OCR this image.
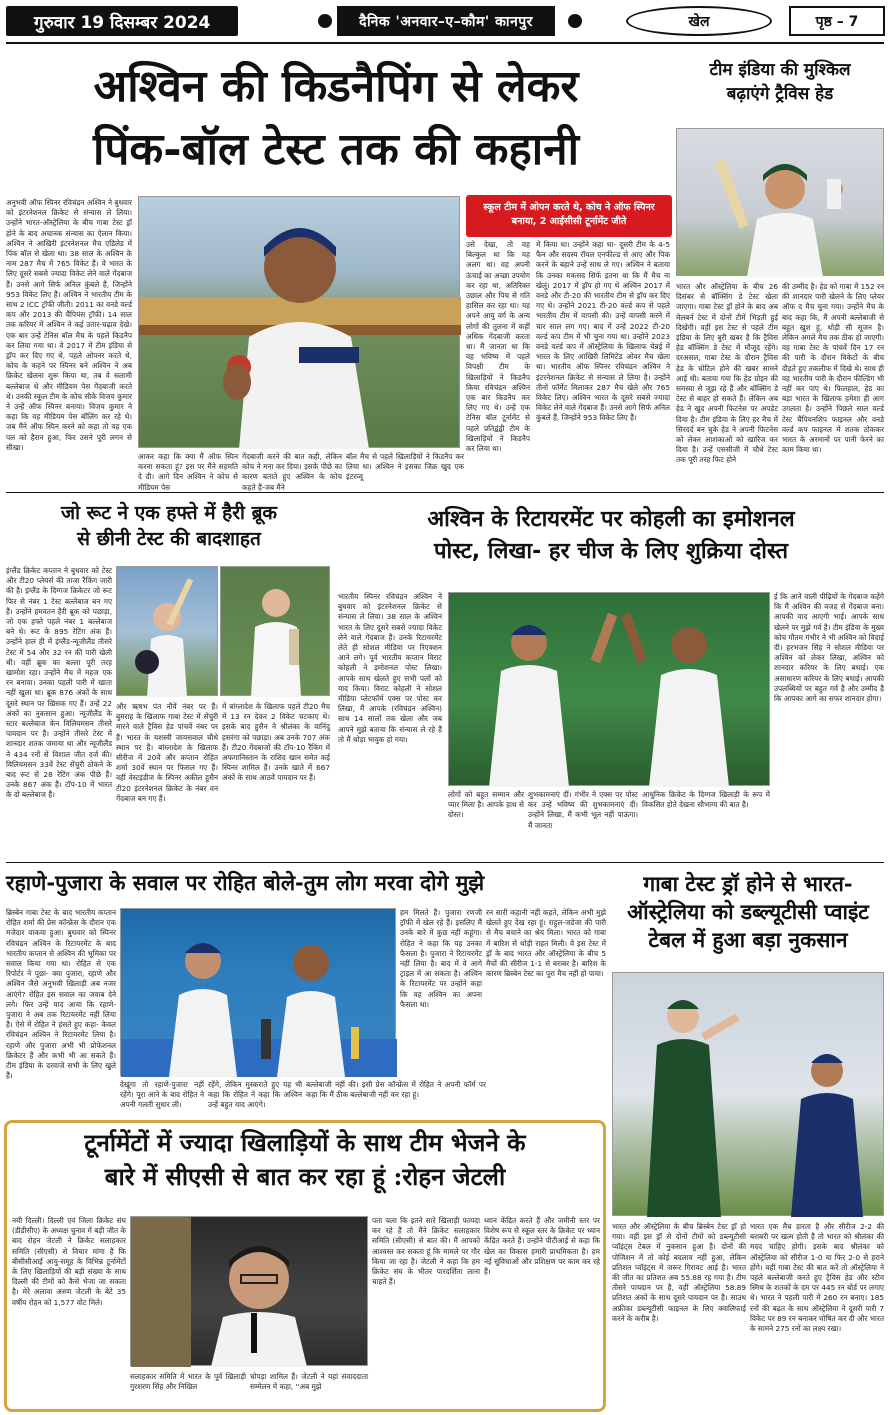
गुरुवार 19 दिसम्बर 2024	दैनिक 'अनवार–ए–कौम' कानपुर	खेल	पृष्ठ – 7
अश्विन की किडनैपिंग से लेकर
पिंक-बॉल टेस्ट तक की कहानी
अनुभवी ऑफ स्पिनर रविचंद्रन अश्विन ने बुधवार को इंटरनेशनल क्रिकेट से संन्यास ले लिया। उन्होंने भारत-ऑस्ट्रेलिया के बीच गाबा टेस्ट ड्रॉ होने के बाद अचानक संन्यास का ऐलान किया। अश्विन ने आखिरी इंटरनेशनल मैच एडिलेड में पिंक बॉल से खेला था। 38 साल के अश्विन के नाम 287 मैच में 765 विकेट हैं। वे भारत के लिए दूसरे सबसे ज्यादा विकेट लेने वाले गेंदबाज हैं। उनसे आगे सिर्फ अनिल कुंबले हैं, जिन्होंने 953 विकेट लिए हैं। अश्विन ने भारतीय टीम के साथ 2 ICC ट्रॉफी जीती। 2011 का वनडे वर्ल्ड कप और 2013 की चैंपियंस ट्रॉफी। 14 साल तक करियर में अश्विन ने कई उतार-चढ़ाव देखे। एक बार उन्हें टेनिस बॉल मैच के पहले किडनैप कर लिया गया था। वे 2017 में टीम इंडिया से ड्रॉप कर दिए गए थे, पहले ओपनर करते थे, कोच के कहने पर स्पिनर बने अश्विन ने अब क्रिकेट खेलना शुरू किया था, तब वे सलामी बल्लेबाज थे और मीडियम पेस गेंदबाजी करते थे। उनकी स्कूल टीम के कोच सीके विजय कुमार ने उन्हें ऑफ स्पिनर बनाया। विजय कुमार ने कहा कि वह मीडियम पेस बॉलिंग कर रहे थे। जब मैंने ऑफ स्पिन करने को कहा तो वह एक पल को हैरान हुआ, फिर उसने पूरी लगन से सीखा।
स्कूल टीम में ओपन करते थे, कोच ने ऑफ स्पिनर बनाया, 2 आईसीसी टूर्नामेंट जीते
उसे देखा, तो वह बिल्कुल था कि यह अलग था। वह अपनी ऊंचाई का अच्छा उपयोग कर रहा था, अतिरिक्त उछाल और पिच से गति हासिल कर रहा था। यह अपने आयु वर्ग के अन्य लोगों की तुलना में कहीं अधिक गेंदबाजी करता था। मैं जानता था कि वह भविष्य में पहले विपक्षी टीम के खिलाड़ियों ने किडनैप किया रविचंद्रन अश्विन एक बार किडनैप कर लिए गए थे। उन्हें एक टेनिस बॉल टूर्नामेंट से पहले प्रतिद्वंद्वी टीम के खिलाड़ियों ने किडनैप कर लिया था।
में किया था। उन्होंने कहा था- दूसरी टीम के 4-5 फैन और सदस्य रॉयल एनफील्ड से आए और पिक करने के बहाने उन्हें साथ ले गए। अश्विन ने बताया कि उनका मकसद सिर्फ इतना था कि मैं मैच ना खेलूं। 2017 में ड्रॉप हो गए थे अश्विन 2017 में वनडे और टी-20 की भारतीय टीम से ड्रॉप कर दिए गए थे। उन्होंने 2021 टी-20 वर्ल्ड कप से पहले भारतीय टीम में वापसी की। उन्हें वापसी करने में चार साल लग गए। बाद में उन्हें 2022 टी-20 वर्ल्ड कप टीम में भी चुना गया था। उन्होंने 2023 वनडे वर्ल्ड कप में ऑस्ट्रेलिया के खिलाफ चेन्नई में भारत के लिए आखिरी लिमिटेड ओवर मैच खेला था। भारतीय ऑफ स्पिनर रविचंद्रन अश्विन ने इंटरनेशनल क्रिकेट से संन्यास ले लिया है। उन्होंने तीनों फॉर्मेट मिलाकर 287 मैच खेले और 765 विकेट लिए। अश्विन भारत के दूसरे सबसे ज्यादा विकेट लेने वाले गेंदबाज हैं। उनसे आगे सिर्फ अनिल कुंबले हैं, जिन्होंने 953 विकेट लिए हैं।
आकर कहा कि क्या मैं ऑफ स्पिन करना सकता हूं? इस पर मैंने सहमति दे दी। आगे दिन अश्विन ने कोच से मीडियम पेस
गेंदबाजी करने की बात कही, लेकिन कोच ने मना कर दिया। इसके पीछे का कारण बताते हुए अश्विन के कोच कहते हैं-जब मैंने
बॉल मैच से पहले खिलाड़ियों ने किडनैप कर लिया था। अश्विन ने इसका जिक्र खुद एक इंटरव्यू
टीम इंडिया की मुश्किल
बढ़ाएंगे ट्रैविस हेड
भारत और ऑस्ट्रेलिया के बीच 26 दिसंबर से बॉक्सिंग डे टेस्ट खेला जाएगा। गाबा टेस्ट ड्रॉ होने के बाद अब मेलबर्न टेस्ट में दोनों टीमें भिड़ती हुई दिखेंगी। वहीं इस टेस्ट से पहले टीम इंडिया के लिए बुरी खबर है कि ट्रैविस हेड बॉक्सिंग डे टेस्ट में मौजूद रहेंगे। दरअसल, गाबा टेस्ट के दौरान ट्रैविस हेड के चोटिल होने की खबर सामने आई थी। बताया गया कि हेड ग्रोइन की समस्या से जूझ रहे हैं और बॉक्सिंग डे टेस्ट से बाहर हो सकते हैं। लेकिन अब हेड ने खुद अपनी फिटनेस पर अपडेट दिया है। टीम इंडिया के लिए हर मैच में सिरदर्द बन चुके हेड ने अपनी फिटनेस को लेकर आशंकाओं को खारिज कर दिया है। उन्हें एससीजी में चौथे टेस्ट तक पूरी तरह फिट होने
की उम्मीद है। हेड को गाबा में 152 रन की शानदार पारी खेलने के लिए प्लेयर ऑफ द मैच चुना गया। उन्होंने मैच के बाद कहा कि, मैं अपनी बल्लेबाजी से बहुत खुश हूं, थोड़ी सी सूजन है। लेकिन अगले मैच तक ठीक हो जाएगी। वह गाबा टेस्ट के पांचवें दिन 17 रन की पारी के दौरान विकेटों के बीच दौड़ते हुए तकलीफ में दिखे थे। साथ ही वह भारतीय पारी के दौरान फील्डिंग भी नहीं कर पाए थे। फिलहाल, हेड का बड़ा भारत के खिलाफ हमेशा ही आग उगलता है। उन्होंने पिछले साल वर्ल्ड टेस्ट चैंपियनशिप फाइनल और वनडे वर्ल्ड कप फाइनल में शतक ठोककर भारत के अरमानों पर पानी फेरने का काम किया था।
जो रूट ने एक हफ्ते में हैरी ब्रूक
से छीनी टेस्ट की बादशाहत
इंग्लैंड क्रिकेट कप्तान ने बुधवार को टेस्ट और टी20 प्लेयर्स की ताजा रैंकिंग जारी की है। इंग्लैंड के दिग्गज क्रिकेटर जो रूट फिर से नंबर 1 टेस्ट बल्लेबाज बन गए हैं। उन्होंने हमवतन हैरी ब्रूक को पछाड़ा, जो एक हफ्ते पहले नंबर 1 बल्लेबाज बने थे। रूट के 895 रेटिंग अंक हैं। उन्होंने हाल ही में इंग्लैंड-न्यूजीलैंड तीसरे टेस्ट में 54 और 32 रन की पारी खेली थी। वहीं ब्रूक का बल्ला पूरी तरह खामोश रहा। उन्होंने मैच में महज एक रन बनाया। उनका पहली पारी में खाता नहीं खुला था। ब्रूक 876 अंकों के साथ दूसरे स्थान पर खिसक गए हैं। उन्हें 22 अंकों का नुकसान हुआ। न्यूजीलैंड के स्टार बल्लेबाज केन विलियमसन तीसरे पायदान पर हैं। उन्होंने तीसरे टेस्ट में शानदार शतक जमाया था और न्यूजीलैंड ने 434 रनों से विशाल जीत दर्ज की। विलियमसन 33वें टेस्ट सेंचुरी ठोकने के बाद रूट से 28 रेटिंग अंक पीछे हैं। उनके 867 अंक हैं। टॉप-10 में भारत के दो बल्लेबाज हैं।
और ऋषभ पंत नौवें नंबर पर हैं। बुमराह के खिलाफ गाबा टेस्ट में सेंचुरी मारने वाले ट्रैविस हेड पांचवें नंबर पर हैं। भारत के यशस्वी जायसवाल चौथे स्थान पर हैं। बांग्लादेश के खिलाफ सीरीज में 20वें और कप्तान रोहित शर्मा 30वें स्थान पर फिसल गए हैं। वहीं वेस्टइंडीज के स्पिनर अकील हुसैन टी20 इंटरनेशनल क्रिकेट के नंबर वन गेंदबाज बन गए हैं।
में बांग्लादेश के खिलाफ पहले टी20 मैच में 13 रन देकर 2 विकेट चटकाए थे। इसके बाद हुसैन ने श्रीलंका के वानिंदु हसरंगा को पछाड़ा। अब उनके 707 अंक हैं। टी20 गेंदबाजों की टॉप-10 रैंकिंग में अफगानिस्तान के राशिद खान समेत कई स्पिनर शामिल हैं। उनके खाते में 667 अंकों के साथ आठवें पायदान पर हैं।
अश्विन के रिटायरमेंट पर कोहली का इमोशनल
पोस्ट, लिखा- हर चीज के लिए शुक्रिया दोस्त
भारतीय स्पिनर रविचंद्रन अश्विन ने बुधवार को इंटरनेशनल क्रिकेट से संन्यास ले लिया। 38 साल के अश्विन भारत के लिए दूसरे सबसे ज्यादा विकेट लेने वाले गेंदबाज हैं। उनके रिटायरमेंट लेते ही सोशल मीडिया पर रिएक्शन आने लगे। पूर्व भारतीय कप्तान विराट कोहली ने इमोशनल पोस्ट लिखा। आपके साथ खेलते हुए सभी पलों को याद किया। विराट कोहली ने सोशल मीडिया प्लेटफॉर्म एक्स पर पोस्ट कर लिखा, मैं आपके (रविचंद्रन अश्विन) साथ 14 सालों तक खेला और जब आपने मुझे बताया कि संन्यास ले रहे हैं तो मैं थोड़ा भावुक हो गया।
लोगों को बहुत सम्मान और प्यार मिला है। आपके हाथ से दोस्त।
शुभकामनाएं दीं। गंभीर ने एक्स पर पोस्ट कर उन्हें भविष्य की शुभकामनाएं दीं। उन्होंने लिखा, मैं कभी भूल नहीं पाऊंगा। मैं जानता
आधुनिक क्रिकेट के दिग्गज खिलाड़ी के रूप में विकसित होते देखना सौभाग्य की बात है।
ई कि आने वाली पीढ़ियों के गेंदबाज कहेंगे कि मैं अश्विन की वजह से गेंदबाज बना। आपकी याद आएगी भाई। आपके साथ खेलने पर मुझे गर्व है। टीम इंडिया के मुख्य कोच गौतम गंभीर ने भी अश्विन को विदाई दी। हरभजन सिंह ने सोशल मीडिया पर अश्विन को लेकर लिखा, अश्विन को शानदार करियर के लिए बधाई। एक असाधारण करियर के लिए बधाई। आपकी उपलब्धियों पर बहुत गर्व है और उम्मीद है कि आपका आगे का सफर शानदार होगा।
रहाणे-पुजारा के सवाल पर रोहित बोले-तुम लोग मरवा दोगे मुझे
ब्रिस्बेन गाबा टेस्ट के बाद भारतीय कप्तान रोहित शर्मा की प्रेस कॉन्फ्रेंस के दौरान एक मजेदार वाकया हुआ। बुधवार को स्पिनर रविचंद्रन अश्विन के रिटायरमेंट के बाद भारतीय कप्तान से अश्विन की भूमिका पर सवाल किया गया था। रोहित से एक रिपोर्टर ने पूछा- क्या पुजारा, रहाणे और अश्विन जैसे अनुभवी खिलाड़ी अब नजर आएंगे? रोहित इस सवाल का जवाब देने लगे। फिर उन्हें याद आया कि रहाणे-पुजारा ने अब तक रिटायरमेंट नहीं लिया है। ऐसे में रोहित ने हंसते हुए कहा- केवल रविचंद्रन अश्विन ने रिटायरमेंट लिया है। रहाणे और पुजारा अभी भी प्रोफेशनल क्रिकेटर हैं और कभी भी आ सकते हैं। टीम इंडिया के दरवाजे सभी के लिए खुले हैं।
देखूंगा तो रहाणे-पुजारा नहीं रहेंगे। पूरा आने के बाद रोहित ने अपनी गलती सुधार ली।
रहेंगे, लेकिन मुस्कराते हुए यह भी कहा कि रोहित ने कहा कि अश्विन उन्हें बहुत याद आएंगे।
बल्लेबाजी नहीं की। इसी प्रेस कॉन्फ्रेंस में रोहित ने अपनी फॉर्म पर कहा कि मैं ठीक बल्लेबाजी नहीं कर रहा हूं।
हम मिलते हैं। पुजारा रणजी ट्रॉफी में खेल रहे हैं। इसलिए मैं उनके बारे में कुछ नहीं कहूंगा। रोहित ने कहा कि यह उनका फैसला है। पुजारा ने रिटायरमेंट नहीं लिया है। बाद में वे आगे ट्राइल में आ सकता है। अश्विन के रिटायरमेंट पर उन्होंने कहा कि वह अश्विन का अपना फैसला था।
रन सारी कहानी नहीं कहते, लेकिन अभी मुझे खेलते हुए देख रहा हूं। राहुल-जडेजा की पारी से मैच बचाने का श्रेय मिला। भारत को गाबा में बारिश से थोड़ी राहत मिली। वे इस टेस्ट में ड्रॉ के बाद भारत और ऑस्ट्रेलिया के बीच 5 मैचों की सीरीज 1-1 से बराबर है। बारिश के कारण ब्रिस्बेन टेस्ट का पूरा मैच नहीं हो पाया।
गाबा टेस्ट ड्रॉ होने से भारत-
ऑस्ट्रेलिया को डब्ल्यूटीसी प्वाइंट
टेबल में हुआ बड़ा नुकसान
भारत और ऑस्ट्रेलिया के बीच ब्रिस्बेन टेस्ट ड्रॉ हो गया। वहीं इस ड्रॉ से दोनों टीमों को डब्ल्यूटीसी प्वॉइंट्स टेबल में नुकसान हुआ है। दोनों की पोजिशन में तो कोई बदलाव नहीं हुआ, लेकिन प्रतिशत प्वॉइंट्स में जरूर गिरावट आई है। भारत की जीत का प्रतिशत अब 55.88 रह गया है। टीम तीसरे पायदान पर है, वहीं ऑस्ट्रेलिया 58.89 प्रतिशत अंकों के साथ दूसरे पायदान पर है। साउथ अफ्रीका डब्ल्यूटीसी फाइनल के लिए क्वालिफाई करने के करीब है।
भारत एक मैच हारता है और सीरीज 2-2 की बराबरी पर खत्म होती है तो भारत को श्रीलंका की मदद चाहिए होगी। इसके बाद श्रीलंका को ऑस्ट्रेलिया को सीरीज 1-0 या फिर 2-0 से हराने होंगे। वहीं गाबा टेस्ट की बात करें तो ऑस्ट्रेलिया ने पहले बल्लेबाजी करते हुए ट्रैविस हेड और स्टीव स्मिथ के शतकों के दम पर 445 रन बोर्ड पर लगाए थे। भारत ने पहली पारी में 260 रन बनाए। 185 रनों की बढ़त के साथ ऑस्ट्रेलिया ने दूसरी पारी 7 विकेट पर 89 रन बनाकर घोषित कर दी और भारत के सामने 275 रनों का लक्ष्य रखा।
टूर्नामेंटों में ज्यादा खिलाड़ियों के साथ टीम भेजने के
बारे में सीएसी से बात कर रहा हूं :रोहन जेटली
नयी दिल्ली। दिल्ली एवं जिला क्रिकेट संघ (डीडीसीए) के अध्यक्ष चुनाव में बड़ी जीत के बाद रोहन जेटली ने क्रिकेट सलाहकार समिति (सीएसी) से विचार मांगा है कि बीसीसीआई आयु-समूह के विभिन्न टूर्नामेंटों के लिए खिलाड़ियों की बड़ी संख्या के साथ दिल्ली की टीमों को कैसे भेजा जा सकता है। मेरे अलावा अरुण जेटली के बेटे 35 वर्षीय रोहन को 1,577 वोट मिले।
सलाहकार समिति में भारत के पूर्व खिलाड़ी गुरशरण सिंह और निखिल
चोपड़ा शामिल हैं। जेटली ने यहां संवाददाता सम्मेलन में कहा, ''अब मुझे
पता चला कि इतने सारे खिलाड़ी फायदा कर रहे हैं तो मैंने क्रिकेट सलाहकार समिति (सीएसी) से बात की। मैं आपको आश्वस्त कर सकता हूं कि मामले पर गौर किया जा रहा है। जेटली ने कहा कि हम क्रिकेट संघ के भीतर पारदर्शिता लाना चाहते हैं।
ध्यान केंद्रित करते हैं और जमीनी स्तर पर विशेष रूप से स्कूल स्तर के क्रिकेट पर ध्यान केंद्रित करते हैं। उन्होंने पीटीआई से कहा कि खेल का विकास हमारी प्राथमिकता है। हम नई सुविधाओं और प्रशिक्षण पर काम कर रहे हैं।
